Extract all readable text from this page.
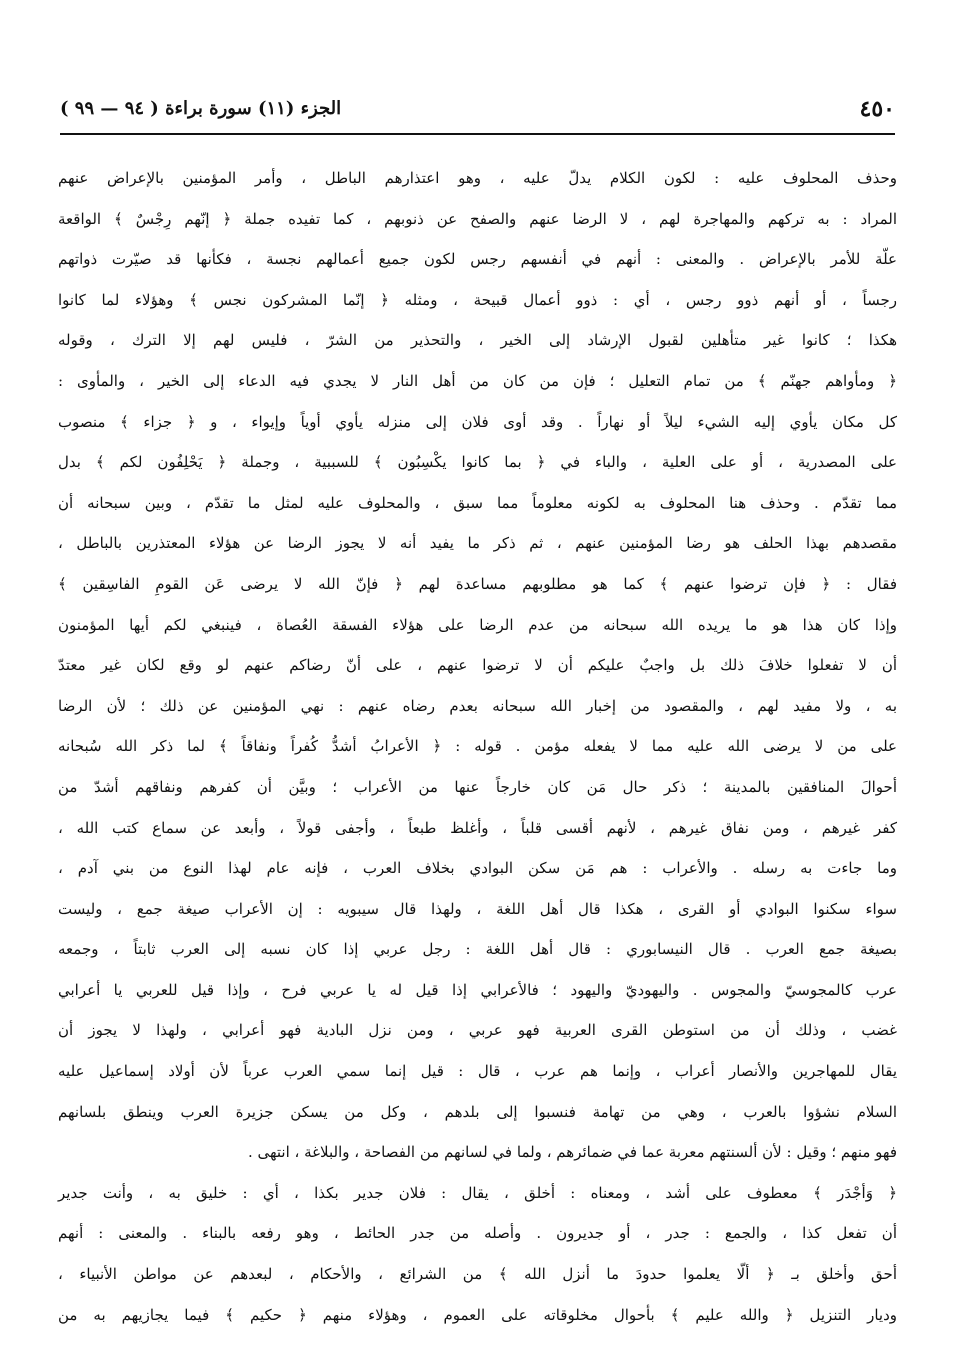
٤٥٠
الجزء (١١) سورة براءة ( ٩٤ — ٩٩ )
وحذف المحلوف عليه : لكون الكلام يدلّ عليه ، وهو اعتذارهم الباطل ، وأمر المؤمنين بالإعراض عنهم
المراد : به تركهم والمهاجرة لهم ، لا الرضا عنهم والصفح عن ذنوبهم ، كما تفيده جملة ﴿ إنّهم رِجْسٌ ﴾ الواقعة
علّة للأمر بالإعراض . والمعنى : أنهم في أنفسهم رجس لكون جميع أعمالهم نجسة ، فكأنها قد صيّرت ذواتهم
رجساً ، أو أنهم ذوو رجس ، أي : ذوو أعمال قبيحة ، ومثله ﴿ إنّما المشركون نجس ﴾ وهؤلاء لما كانوا
هكذا ؛ كانوا غير متأهلين لقبول الإرشاد إلى الخير ، والتحذير من الشرّ ، فليس لهم إلا الترك ، وقوله
﴿ ومأواهم جهنّم ﴾ من تمام التعليل ؛ فإن من كان من أهل النار لا يجدي فيه الدعاء إلى الخير ، والمأوى :
كل مكان يأوي إليه الشيء ليلاً أو نهاراً . وقد أوى فلان إلى منزله يأوي أوياً وإيواء ، و ﴿ جزاء ﴾ منصوب
على المصدرية ، أو على العلية ، والباء في ﴿ بما كانوا يكْسِبُون ﴾ للسببية ، وجملة ﴿ يَحْلِفُون لكم ﴾ بدل
مما تقدّم . وحذف هنا المحلوف به لكونه معلوماً مما سبق ، والمحلوف عليه لمثل ما تقدّم ، وبين سبحانه أن
مقصدهم بهذا الحلف هو رضا المؤمنين عنهم ، ثم ذكر ما يفيد أنه لا يجوز الرضا عن هؤلاء المعتذرين بالباطل ،
فقال : ﴿ فإن ترضوا عنهم ﴾ كما هو مطلوبهم مساعدة لهم ﴿ فإنّ الله لا يرضى عَن القومِ الفاسِقين ﴾
وإذا كان هذا هو ما يريده الله سبحانه من عدم الرضا على هؤلاء الفسقة العُصاة ، فينبغي لكم أيها المؤمنون
أن لا تفعلوا خلافَ ذلك بل واجبٌ عليكم أن لا ترضوا عنهم ، على أنّ رضاكم عنهم لو وقع لكان غير معتدّ
به ، ولا مفيد لهم ، والمقصود من إخبار الله سبحانه بعدم رضاه عنهم : نهي المؤمنين عن ذلك ؛ لأن الرضا
على من لا يرضى الله عليه مما لا يفعله مؤمن . قوله : ﴿ الأعرابُ أشدُّ كُفراً ونفاقاً ﴾ لما ذكر الله سُبحانه
أحوالَ المنافقين بالمدينة ؛ ذكر حال مَن كان خارجاً عنها من الأعراب ؛ وبيَّن أن كفرهم ونفاقهم أشدّ من
كفر غيرهم ، ومن نفاق غيرهم ، لأنهم أقسى قلباً ، وأغلظ طبعاً ، وأجفى قولاً ، وأبعد عن سماع كتب الله ،
وما جاءت به رسله . والأعراب : هم مَن سكن البوادي بخلاف العرب ، فإنه عام لهذا النوع من بني آدم ،
سواء سكنوا البوادي أو القرى ، هكذا قال أهل اللغة ، ولهذا قال سيبويه : إن الأعراب صيغة جمع ، وليست
بصيغة جمع العرب . قال النيسابوري : قال أهل اللغة : رجل عربي إذا كان نسبه إلى العرب ثابتاً ، وجمعه
عرب كالمجوسيّ والمجوس . واليهوديّ واليهود ؛ فالأعرابي إذا قيل له يا عربي فرح ، وإذا قيل للعربي يا أعرابي
غضب ، وذلك أن من استوطن القرى العربية فهو عربي ، ومن نزل البادية فهو أعرابي ، ولهذا لا يجوز أن
يقال للمهاجرين والأنصار أعراب ، وإنما هم عرب ، قال : قيل إنما سمي العرب عرباً لأن أولاد إسماعيل عليه
السلام نشؤوا بالعرب ، وهي من تهامة فنسبوا إلى بلدهم ، وكل من يسكن جزيرة العرب وينطق بلسانهم
فهو منهم ؛ وقيل : لأن ألسنتهم معربة عما في ضمائرهم ، ولما في لسانهم من الفصاحة ، والبلاغة ، انتهى .
﴿ وَأجْدَر ﴾ معطوف على أشد ، ومعناه : أخلق ، يقال : فلان جدير بكذا ، أي : خليق به ، وأنت جدير
أن تفعل كذا ، والجمع : جدر ، أو جديرون . وأصله من جدر الحائط ، وهو رفعه بالبناء . والمعنى : أنهم
أحق وأخلق بـ ﴿ ألّا يعلموا حدودَ ما أنزل الله ﴾ من الشرائع ، والأحكام ، لبعدهم عن مواطن الأنبياء ،
وديار التنزيل ﴿ والله عليم ﴾ بأحوال مخلوقاته على العموم ، وهؤلاء منهم ﴿ حكيم ﴾ فيما يجازيهم به من
